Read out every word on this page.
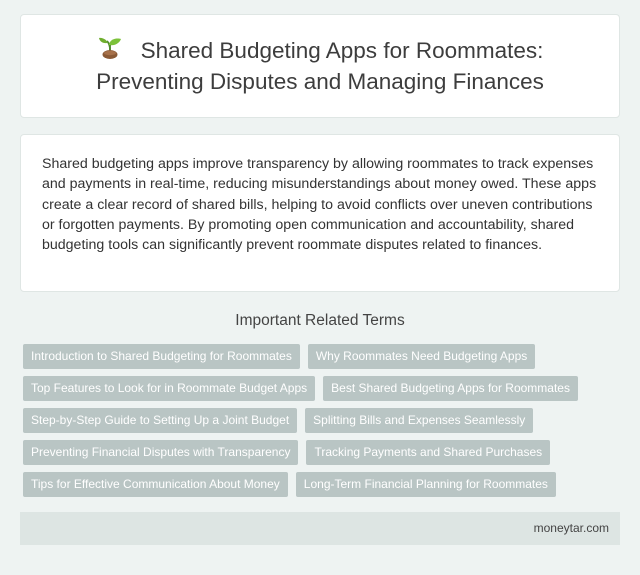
Shared Budgeting Apps for Roommates:
Preventing Disputes and Managing Finances

Shared budgeting apps improve transparency by allowing roommates to track expenses and payments in real-time, reducing misunderstandings about money owed. These apps create a clear record of shared bills, helping to avoid conflicts over uneven contributions or forgotten payments. By promoting open communication and accountability, shared budgeting tools can significantly prevent roommate disputes related to finances.

Important Related Terms
Introduction to Shared Budgeting for Roommates	Why Roommates Need Budgeting Apps
Top Features to Look for in Roommate Budget Apps	Best Shared Budgeting Apps for Roommates
Step-by-Step Guide to Setting Up a Joint Budget	Splitting Bills and Expenses Seamlessly
Preventing Financial Disputes with Transparency	Tracking Payments and Shared Purchases
Tips for Effective Communication About Money	Long-Term Financial Planning for Roommates
moneytar.com
